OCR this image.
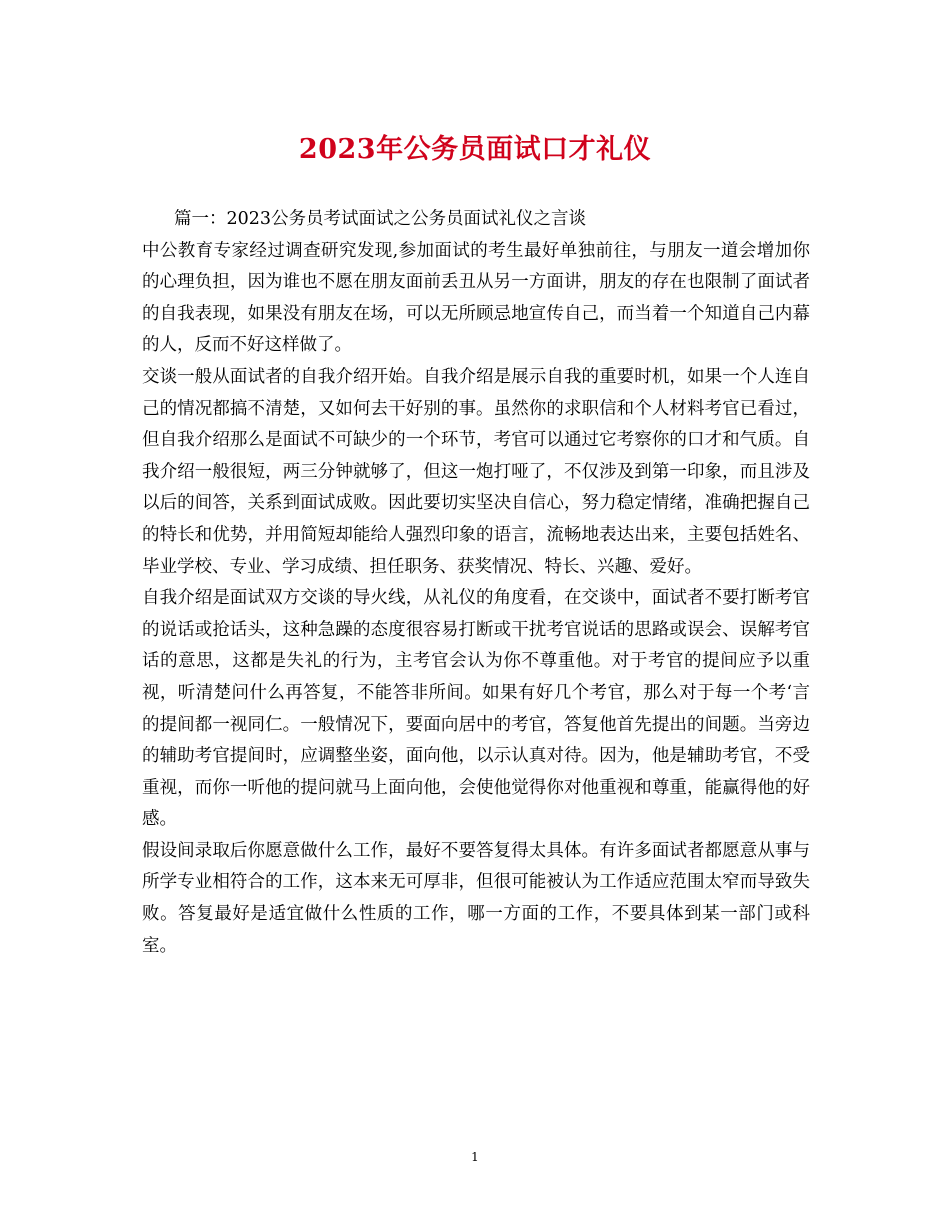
2023年公务员面试口才礼仪

篇一：2023公务员考试面试之公务员面试礼仪之言谈

中公教育专家经过调查研究发现,参加面试的考生最好单独前往，与朋友一道会增加你的心理负担，因为谁也不愿在朋友面前丢丑从另一方面讲，朋友的存在也限制了面试者的自我表现，如果没有朋友在场，可以无所顾忌地宣传自己，而当着一个知道自己内幕的人，反而不好这样做了。

交谈一般从面试者的自我介绍开始。自我介绍是展示自我的重要时机，如果一个人连自己的情况都搞不清楚，又如何去干好别的事。虽然你的求职信和个人材料考官已看过，但自我介绍那么是面试不可缺少的一个环节，考官可以通过它考察你的口才和气质。自我介绍一般很短，两三分钟就够了，但这一炮打哑了，不仅涉及到第一印象，而且涉及以后的间答，关系到面试成败。因此要切实坚决自信心，努力稳定情绪，准确把握自己的特长和优势，并用简短却能给人强烈印象的语言，流畅地表达出来，主要包括姓名、毕业学校、专业、学习成绩、担任职务、获奖情况、特长、兴趣、爱好。

自我介绍是面试双方交谈的导火线，从礼仪的角度看，在交谈中，面试者不要打断考官的说话或抢话头，这种急躁的态度很容易打断或干扰考官说话的思路或误会、误解考官话的意思，这都是失礼的行为，主考官会认为你不尊重他。对于考官的提间应予以重视，听清楚问什么再答复，不能答非所间。如果有好几个考官，那么对于每一个考‘言的提间都一视同仁。一般情况下，要面向居中的考官，答复他首先提出的间题。当旁边的辅助考官提间时，应调整坐姿，面向他，以示认真对待。因为，他是辅助考官，不受重视，而你一听他的提问就马上面向他，会使他觉得你对他重视和尊重，能赢得他的好感。

假设间录取后你愿意做什么工作，最好不要答复得太具体。有许多面试者都愿意从事与所学专业相符合的工作，这本来无可厚非，但很可能被认为工作适应范围太窄而导致失败。答复最好是适宜做什么性质的工作，哪一方面的工作，不要具体到某一部门或科室。

1
